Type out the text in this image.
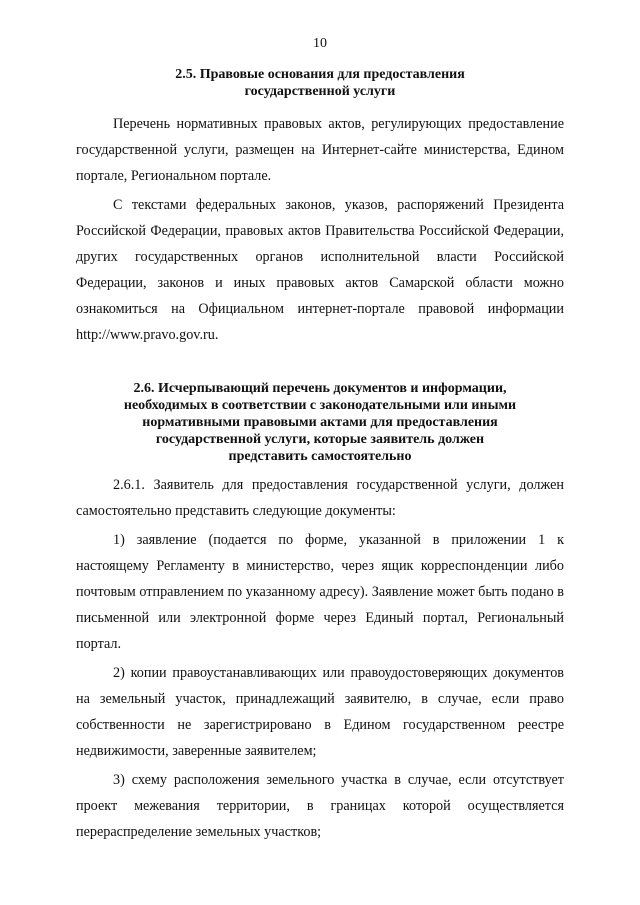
10
2.5. Правовые основания для предоставления
государственной услуги

Перечень нормативных правовых актов, регулирующих предоставление государственной услуги, размещен на Интернет-сайте министерства, Едином портале, Региональном портале.

С текстами федеральных законов, указов, распоряжений Президента Российской Федерации, правовых актов Правительства Российской Федерации, других государственных органов исполнительной власти Российской Федерации, законов и иных правовых актов Самарской области можно ознакомиться на Официальном интернет-портале правовой информации http://www.pravo.gov.ru.

2.6. Исчерпывающий перечень документов и информации,
необходимых в соответствии с законодательными или иными
нормативными правовыми актами для предоставления
государственной услуги, которые заявитель должен
представить самостоятельно

2.6.1. Заявитель для предоставления государственной услуги, должен самостоятельно представить следующие документы:

1) заявление (подается по форме, указанной в приложении 1 к настоящему Регламенту в министерство, через ящик корреспонденции либо почтовым отправлением по указанному адресу). Заявление может быть подано в письменной или электронной форме через Единый портал, Региональный портал.

2) копии правоустанавливающих или правоудостоверяющих документов на земельный участок, принадлежащий заявителю, в случае, если право собственности не зарегистрировано в Едином государственном реестре недвижимости, заверенные заявителем;

3) схему расположения земельного участка в случае, если отсутствует проект межевания территории, в границах которой осуществляется перераспределение земельных участков;
